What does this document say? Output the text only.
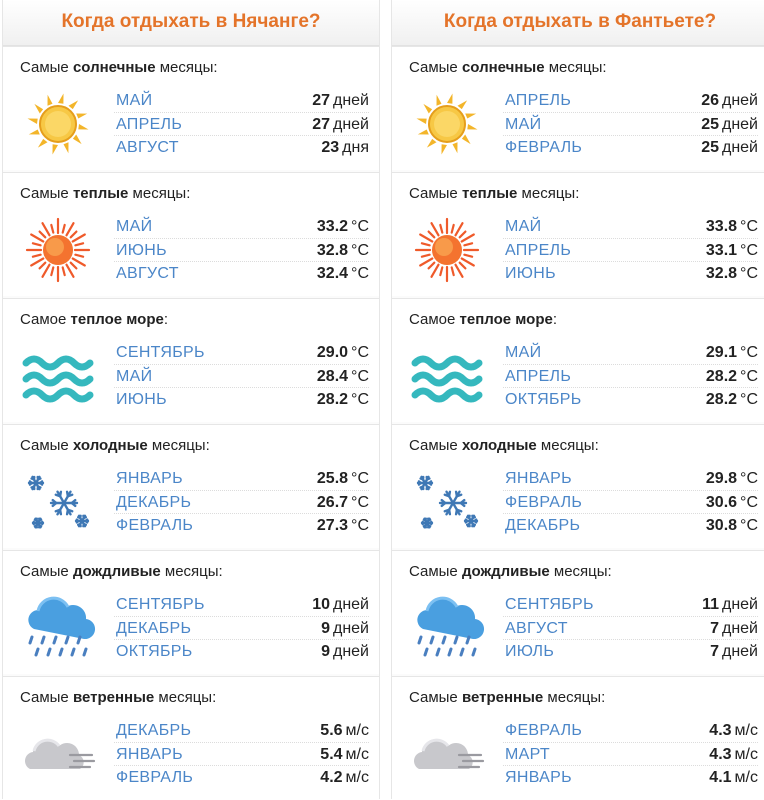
Когда отдыхать в Нячанге?
Самые солнечные месяцы:
МАЙ	27 дней
АПРЕЛЬ	27 дней
АВГУСТ	23 дня
Самые теплые месяцы:
МАЙ	33.2 °C
ИЮНЬ	32.8 °C
АВГУСТ	32.4 °C
Самое теплое море:
СЕНТЯБРЬ	29.0 °C
МАЙ	28.4 °C
ИЮНЬ	28.2 °C
Самые холодные месяцы:
ЯНВАРЬ	25.8 °C
ДЕКАБРЬ	26.7 °C
ФЕВРАЛЬ	27.3 °C
Самые дождливые месяцы:
СЕНТЯБРЬ	10 дней
ДЕКАБРЬ	9 дней
ОКТЯБРЬ	9 дней
Самые ветренные месяцы:
ДЕКАБРЬ	5.6 м/с
ЯНВАРЬ	5.4 м/с
ФЕВРАЛЬ	4.2 м/с
Когда отдыхать в Фантьете?
Самые солнечные месяцы:
АПРЕЛЬ	26 дней
МАЙ	25 дней
ФЕВРАЛЬ	25 дней
Самые теплые месяцы:
МАЙ	33.8 °C
АПРЕЛЬ	33.1 °C
ИЮНЬ	32.8 °C
Самое теплое море:
МАЙ	29.1 °C
АПРЕЛЬ	28.2 °C
ОКТЯБРЬ	28.2 °C
Самые холодные месяцы:
ЯНВАРЬ	29.8 °C
ФЕВРАЛЬ	30.6 °C
ДЕКАБРЬ	30.8 °C
Самые дождливые месяцы:
СЕНТЯБРЬ	11 дней
АВГУСТ	7 дней
ИЮЛЬ	7 дней
Самые ветренные месяцы:
ФЕВРАЛЬ	4.3 м/с
МАРТ	4.3 м/с
ЯНВАРЬ	4.1 м/с
